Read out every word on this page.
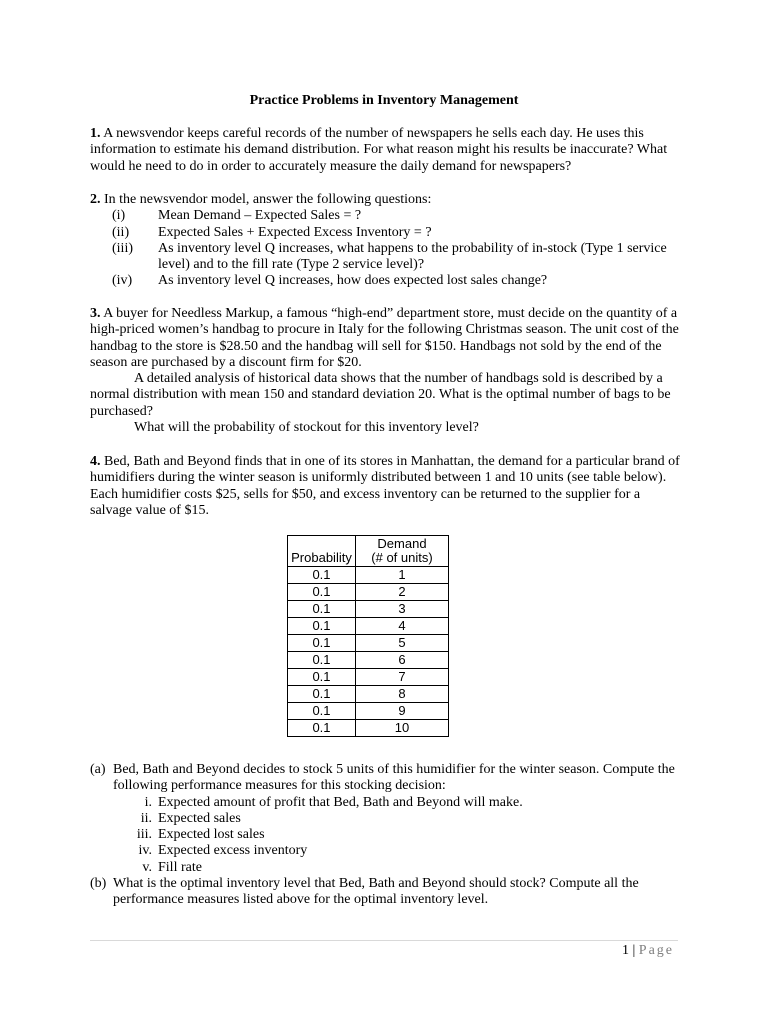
Practice Problems in Inventory Management
1. A newsvendor keeps careful records of the number of newspapers he sells each day. He uses this information to estimate his demand distribution. For what reason might his results be inaccurate? What would he need to do in order to accurately measure the daily demand for newspapers?
2. In the newsvendor model, answer the following questions:
(i)	Mean Demand – Expected Sales = ?
(ii)	Expected Sales + Expected Excess Inventory = ?
(iii)	As inventory level Q increases, what happens to the probability of in-stock (Type 1 service level) and to the fill rate (Type 2 service level)?
(iv)	As inventory level Q increases, how does expected lost sales change?
3. A buyer for Needless Markup, a famous “high-end” department store, must decide on the quantity of a high-priced women’s handbag to procure in Italy for the following Christmas season. The unit cost of the handbag to the store is $28.50 and the handbag will sell for $150. Handbags not sold by the end of the season are purchased by a discount firm for $20.
A detailed analysis of historical data shows that the number of handbags sold is described by a normal distribution with mean 150 and standard deviation 20. What is the optimal number of bags to be purchased?
What will the probability of stockout for this inventory level?
4. Bed, Bath and Beyond finds that in one of its stores in Manhattan, the demand for a particular brand of humidifiers during the winter season is uniformly distributed between 1 and 10 units (see table below). Each humidifier costs $25, sells for $50, and excess inventory can be returned to the supplier for a salvage value of $15.
Probability	Demand
(# of units)
0.1	1
0.1	2
0.1	3
0.1	4
0.1	5
0.1	6
0.1	7
0.1	8
0.1	9
0.1	10
(a) Bed, Bath and Beyond decides to stock 5 units of this humidifier for the winter season. Compute the following performance measures for this stocking decision:
i. Expected amount of profit that Bed, Bath and Beyond will make.
ii. Expected sales
iii. Expected lost sales
iv. Expected excess inventory
v. Fill rate
(b) What is the optimal inventory level that Bed, Bath and Beyond should stock? Compute all the performance measures listed above for the optimal inventory level.
1 | Page
